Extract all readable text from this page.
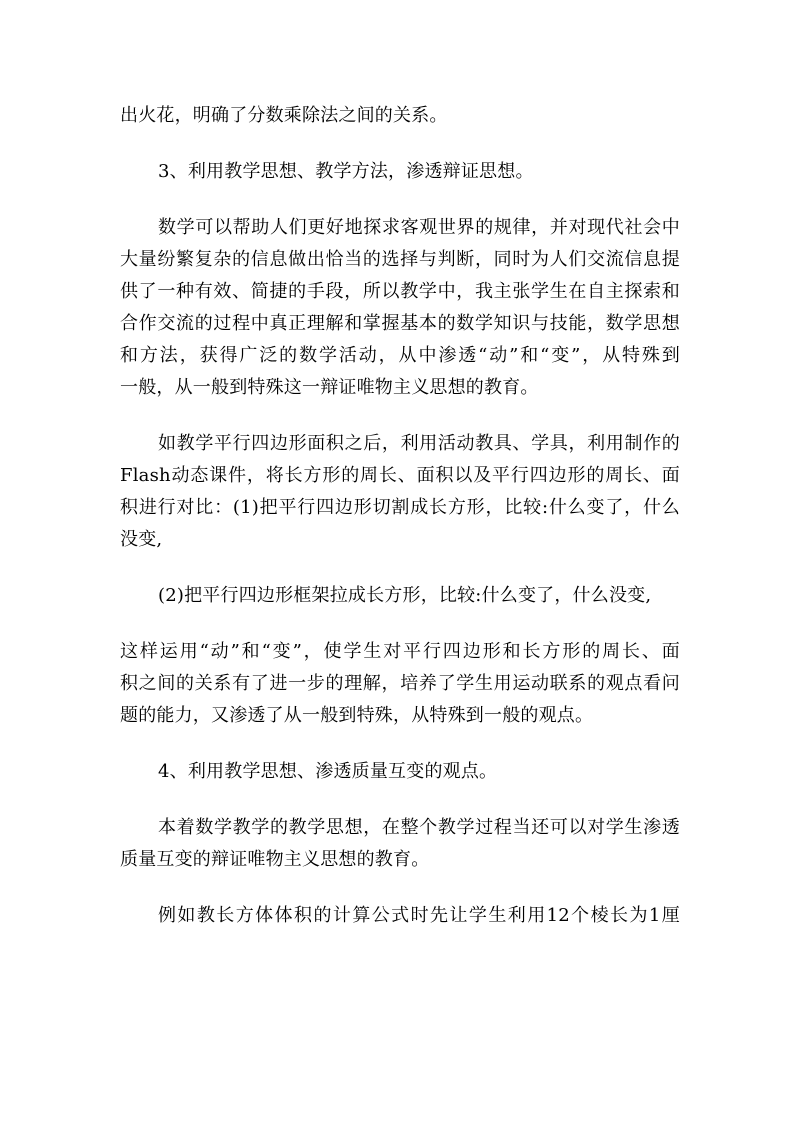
出火花，明确了分数乘除法之间的关系。
3、利用教学思想、教学方法，渗透辩证思想。
数学可以帮助人们更好地探求客观世界的规律，并对现代社会中
大量纷繁复杂的信息做出恰当的选择与判断，同时为人们交流信息提
供了一种有效、简捷的手段，所以教学中，我主张学生在自主探索和
合作交流的过程中真正理解和掌握基本的数学知识与技能，数学思想
和方法，获得广泛的数学活动，从中渗透“动”和“变”，从特殊到
一般，从一般到特殊这一辩证唯物主义思想的教育。
如教学平行四边形面积之后，利用活动教具、学具，利用制作的
Flash动态课件，将长方形的周长、面积以及平行四边形的周长、面
积进行对比：(1)把平行四边形切割成长方形，比较:什么变了，什么
没变,
(2)把平行四边形框架拉成长方形，比较:什么变了，什么没变,
这样运用“动”和“变”，使学生对平行四边形和长方形的周长、面
积之间的关系有了进一步的理解，培养了学生用运动联系的观点看问
题的能力，又渗透了从一般到特殊，从特殊到一般的观点。
4、利用教学思想、渗透质量互变的观点。
本着数学教学的教学思想，在整个教学过程当还可以对学生渗透
质量互变的辩证唯物主义思想的教育。
例如教长方体体积的计算公式时先让学生利用12个棱长为1厘
